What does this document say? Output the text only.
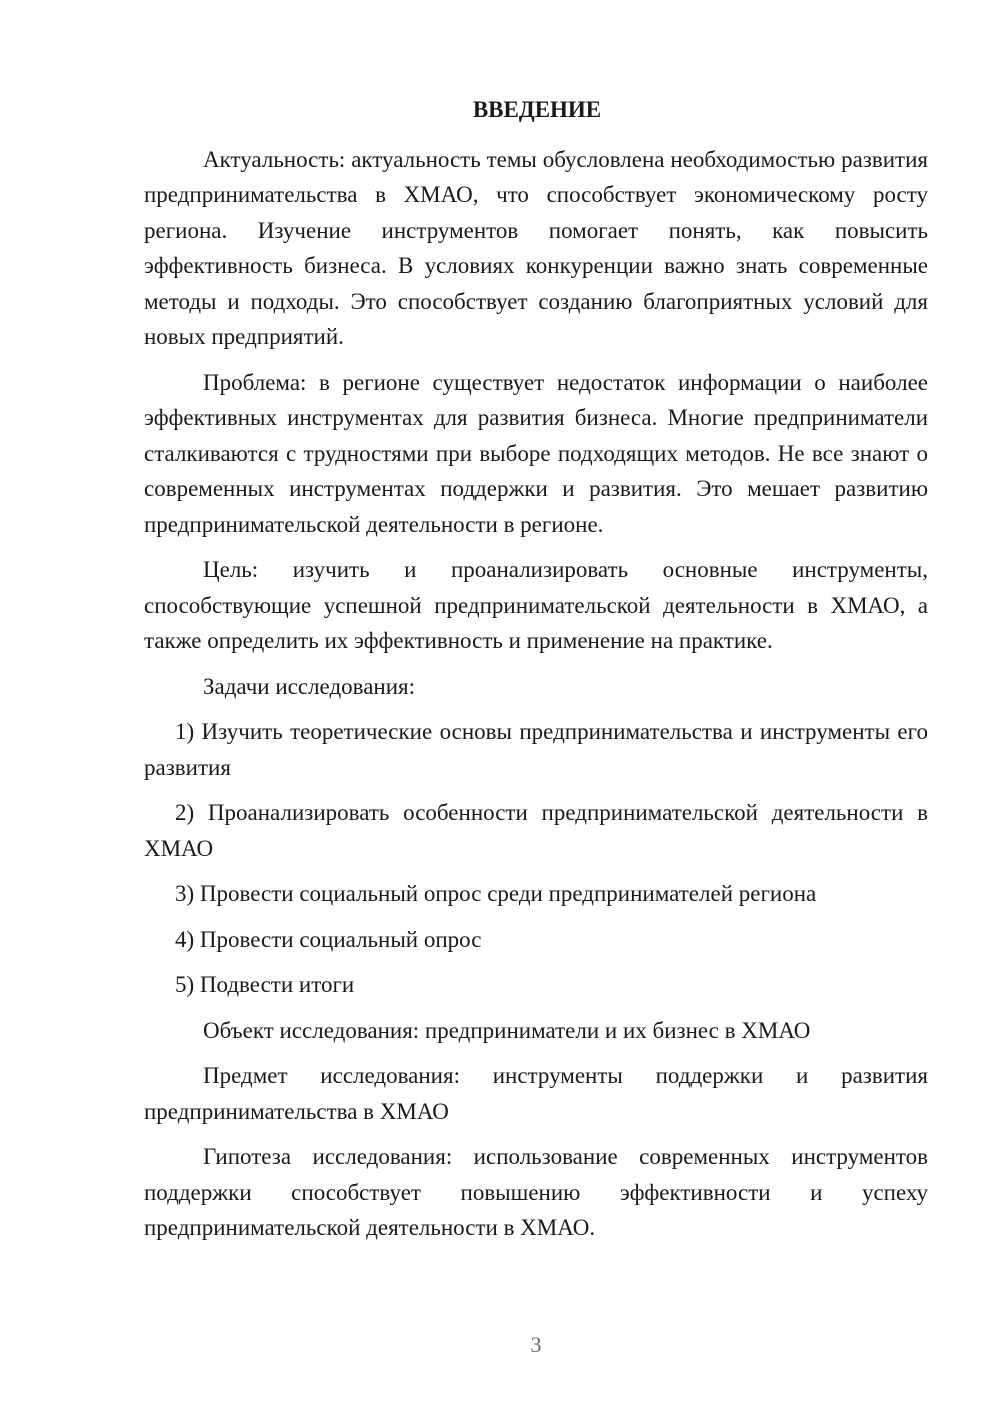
ВВЕДЕНИЕ

Актуальность: актуальность темы обусловлена необходимостью развития предпринимательства в ХМАО, что способствует экономическому росту региона. Изучение инструментов помогает понять, как повысить эффективность бизнеса. В условиях конкуренции важно знать современные методы и подходы. Это способствует созданию благоприятных условий для новых предприятий.

Проблема: в регионе существует недостаток информации о наиболее эффективных инструментах для развития бизнеса. Многие предприниматели сталкиваются с трудностями при выборе подходящих методов. Не все знают о современных инструментах поддержки и развития. Это мешает развитию предпринимательской деятельности в регионе.

Цель: изучить и проанализировать основные инструменты, способствующие успешной предпринимательской деятельности в ХМАО, а также определить их эффективность и применение на практике.

Задачи исследования:

1) Изучить теоретические основы предпринимательства и инструменты его развития

2) Проанализировать особенности предпринимательской деятельности в ХМАО

3) Провести социальный опрос среди предпринимателей региона

4) Провести социальный опрос

5) Подвести итоги

Объект исследования: предприниматели и их бизнес в ХМАО

Предмет исследования: инструменты поддержки и развития предпринимательства в ХМАО

Гипотеза исследования: использование современных инструментов поддержки способствует повышению эффективности и успеху предпринимательской деятельности в ХМАО.

3
